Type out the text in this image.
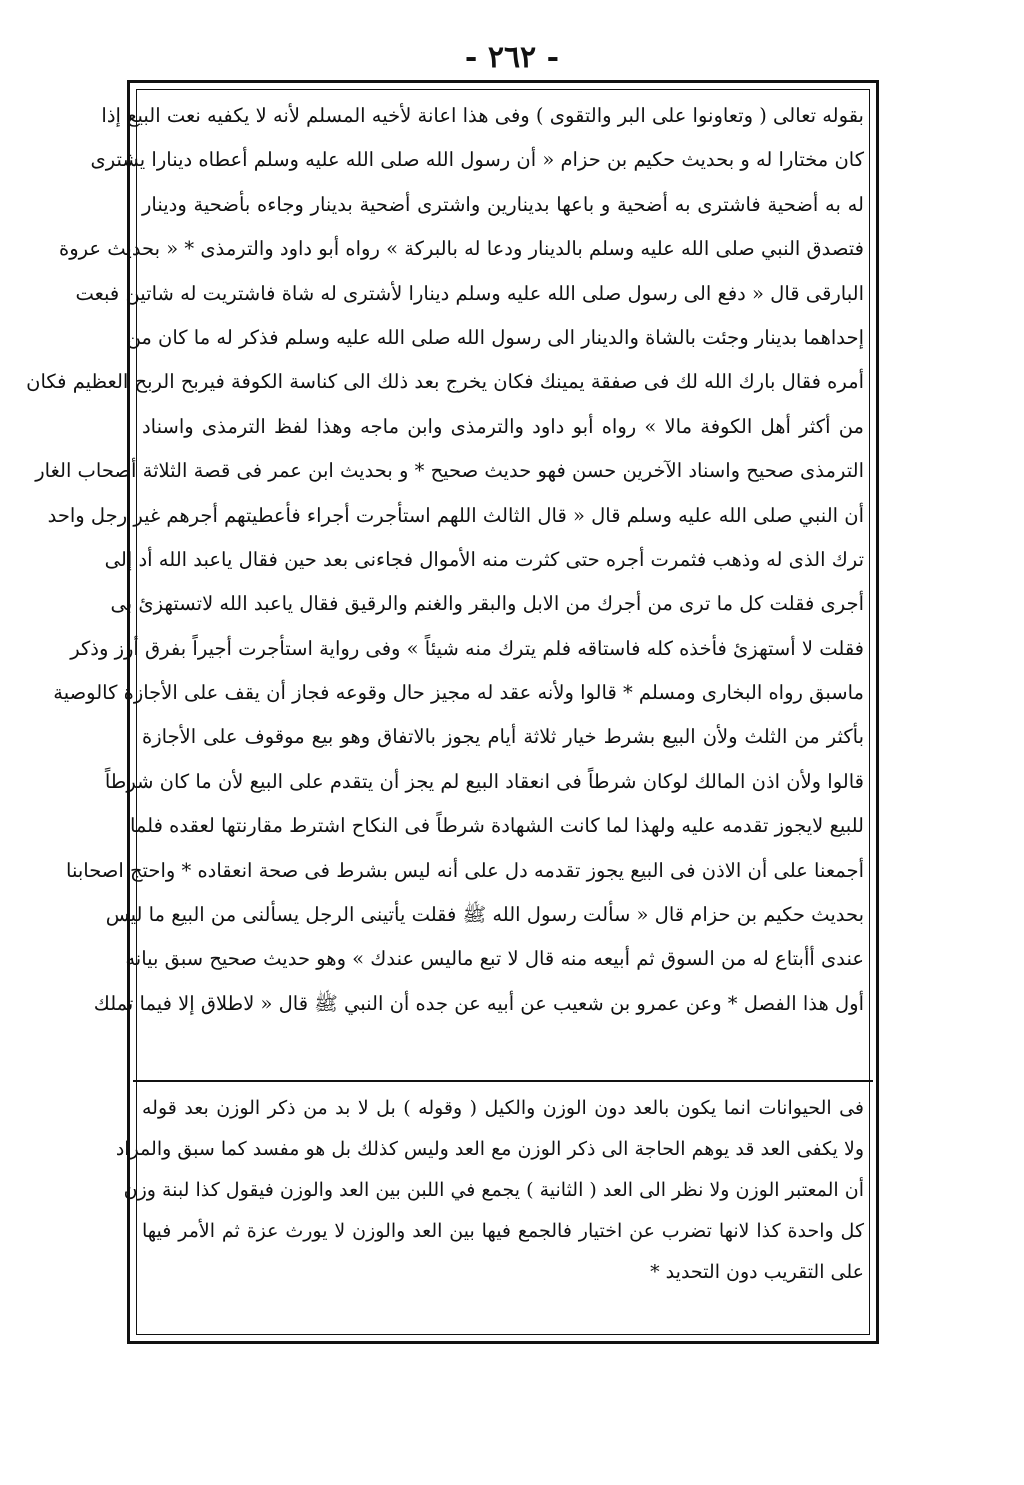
- ٢٦٢ -
بقوله تعالى ( وتعاونوا على البر والتقوى ) وفى هذا اعانة لأخيه المسلم لأنه لا يكفيه نعت البيع إذا
كان مختارا له و بحديث حكيم بن حزام « أن رسول الله صلى الله عليه وسلم أعطاه دينارا يشترى
له به أضحية فاشترى به أضحية و باعها بدينارين واشترى أضحية بدينار وجاءه بأضحية ودينار
فتصدق النبي صلى الله عليه وسلم بالدينار ودعا له بالبركة » رواه أبو داود والترمذى * « بحديث عروة
البارقى قال « دفع الى رسول صلى الله عليه وسلم دينارا لأشترى له شاة فاشتريت له شاتين فبعت
إحداهما بدينار وجئت بالشاة والدينار الى رسول الله صلى الله عليه وسلم فذكر له ما كان من
أمره فقال بارك الله لك فى صفقة يمينك فكان يخرج بعد ذلك الى كناسة الكوفة فيربح الربح العظيم فكان
من أكثر أهل الكوفة مالا » رواه أبو داود والترمذى وابن ماجه وهذا لفظ الترمذى واسناد
الترمذى صحيح واسناد الآخرين حسن فهو حديث صحيح * و بحديث ابن عمر فى قصة الثلاثة أصحاب الغار
أن النبي صلى الله عليه وسلم قال « قال الثالث اللهم استأجرت أجراء فأعطيتهم أجرهم غير رجل واحد
ترك الذى له وذهب فثمرت أجره حتى كثرت منه الأموال فجاءنى بعد حين فقال ياعبد الله أد إلى
أجرى فقلت كل ما ترى من أجرك من الابل والبقر والغنم والرقيق فقال ياعبد الله لاتستهزئ بى
فقلت لا أستهزئ فأخذه كله فاستاقه فلم يترك منه شيئاً » وفى رواية استأجرت أجيراً بفرق أرز وذكر
ماسبق رواه البخارى ومسلم * قالوا ولأنه عقد له مجيز حال وقوعه فجاز أن يقف على الأجازة كالوصية
بأكثر من الثلث ولأن البيع بشرط خيار ثلاثة أيام يجوز بالاتفاق وهو بيع موقوف على الأجازة
قالوا ولأن اذن المالك لوكان شرطاً فى انعقاد البيع لم يجز أن يتقدم على البيع لأن ما كان شرطاً
للبيع لايجوز تقدمه عليه ولهذا لما كانت الشهادة شرطاً فى النكاح اشترط مقارنتها لعقده فلما
أجمعنا على أن الاذن فى البيع يجوز تقدمه دل على أنه ليس بشرط فى صحة انعقاده * واحتج اصحابنا
بحديث حكيم بن حزام قال « سألت رسول الله ﷺ فقلت يأتينى الرجل يسألنى من البيع ما ليس
عندى أأبتاع له من السوق ثم أبيعه منه قال لا تبع ماليس عندك » وهو حديث صحيح سبق بيانه
أول هذا الفصل * وعن عمرو بن شعيب عن أبيه عن جده أن النبي ﷺ قال « لاطلاق إلا فيما تملك
فى الحيوانات انما يكون بالعد دون الوزن والكيل ( وقوله ) بل لا بد من ذكر الوزن بعد قوله
ولا يكفى العد قد يوهم الحاجة الى ذكر الوزن مع العد وليس كذلك بل هو مفسد كما سبق والمراد
أن المعتبر الوزن ولا نظر الى العد ( الثانية ) يجمع في اللبن بين العد والوزن فيقول كذا لبنة وزن
كل واحدة كذا لانها تضرب عن اختيار فالجمع فيها بين العد والوزن لا يورث عزة ثم الأمر فيها
على التقريب دون التحديد *
